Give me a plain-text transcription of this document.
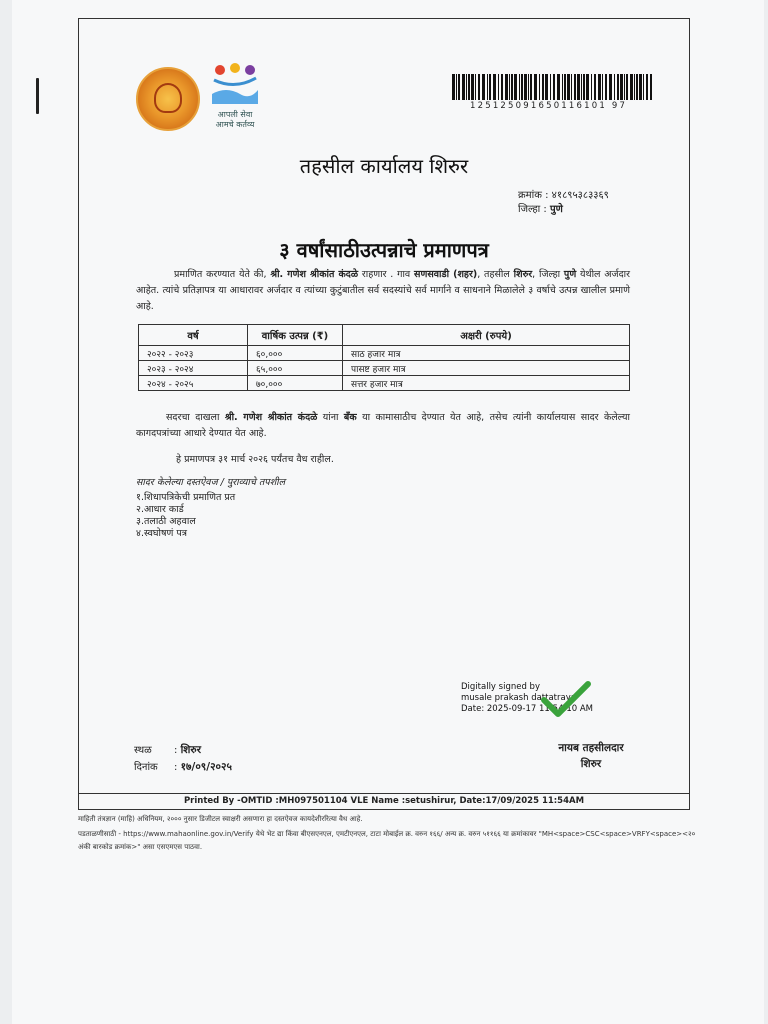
आपली सेवा
आमचे कर्तव्य
125125091650116101 97
तहसील कार्यालय शिरुर
क्रमांक : ४१८९५३८३३६९
जिल्हा : पुणे
३ वर्षांसाठीउत्पन्नाचे प्रमाणपत्र
प्रमाणित करण्यात येते की, श्री. गणेश श्रीकांत कंदळे राहणार . गाव सणसवाडी (शहर), तहसील शिरुर, जिल्हा पुणे येथील अर्जदार आहेत. त्यांचे प्रतिज्ञापत्र या आधारावर अर्जदार व त्यांच्या कुटुंबातील सर्व सदस्यांचे सर्व मार्गाने व साधनाने मिळालेले ३ वर्षाचे उत्पन्न खालील प्रमाणे आहे.
वर्ष	वार्षिक उत्पन्न (₹)	अक्षरी (रुपये)
२०२२ - २०२३	६०,०००	साठ हजार मात्र
२०२३ - २०२४	६५,०००	पासष्ट हजार मात्र
२०२४ - २०२५	७०,०००	सत्तर हजार मात्र
सदरचा दाखला श्री. गणेश श्रीकांत कंदळे यांना बँक या कामासाठीच देण्यात येत आहे, तसेच त्यांनी कार्यालयास सादर केलेल्या कागदपत्रांच्या आधारे देण्यात येत आहे.
हे प्रमाणपत्र ३१ मार्च २०२६ पर्यंतच वैध राहील.
सादर केलेल्या दस्तऐवज / पुराव्याचे तपशील
१.शिधापत्रिकेची प्रमाणित प्रत
२.आधार कार्ड
३.तलाठी अहवाल
४.स्वघोषणं पत्र
Digitally signed by
musale prakash dattatraya
Date: 2025-09-17 11:54:10 AM
स्थळ : शिरुर
दिनांक : १७/०९/२०२५
नायब तहसीलदार
शिरुर
Printed By -OMTID :MH097501104 VLE Name :setushirur, Date:17/09/2025 11:54AM
माहिती तंत्रज्ञान (माहि) अधिनियम, २००० नुसार डिजीटल स्वाक्षरी असणारा हा दस्तऐवज कायदेशीररित्या वैध आहे.
पडताळणीसाठी - https://www.mahaonline.gov.in/Verify येथे भेट द्या किंवा बीएसएनएल, एमटीएनएल, टाटा मोबाईल क्र. वरुन १६६/ अन्य क्र. वरुन ५११६६ या क्रमांकावर "MH<space>CSC<space>VRFY<space><२० अंकी बारकोड क्रमांक>" असा एसएमएस पाठवा.
